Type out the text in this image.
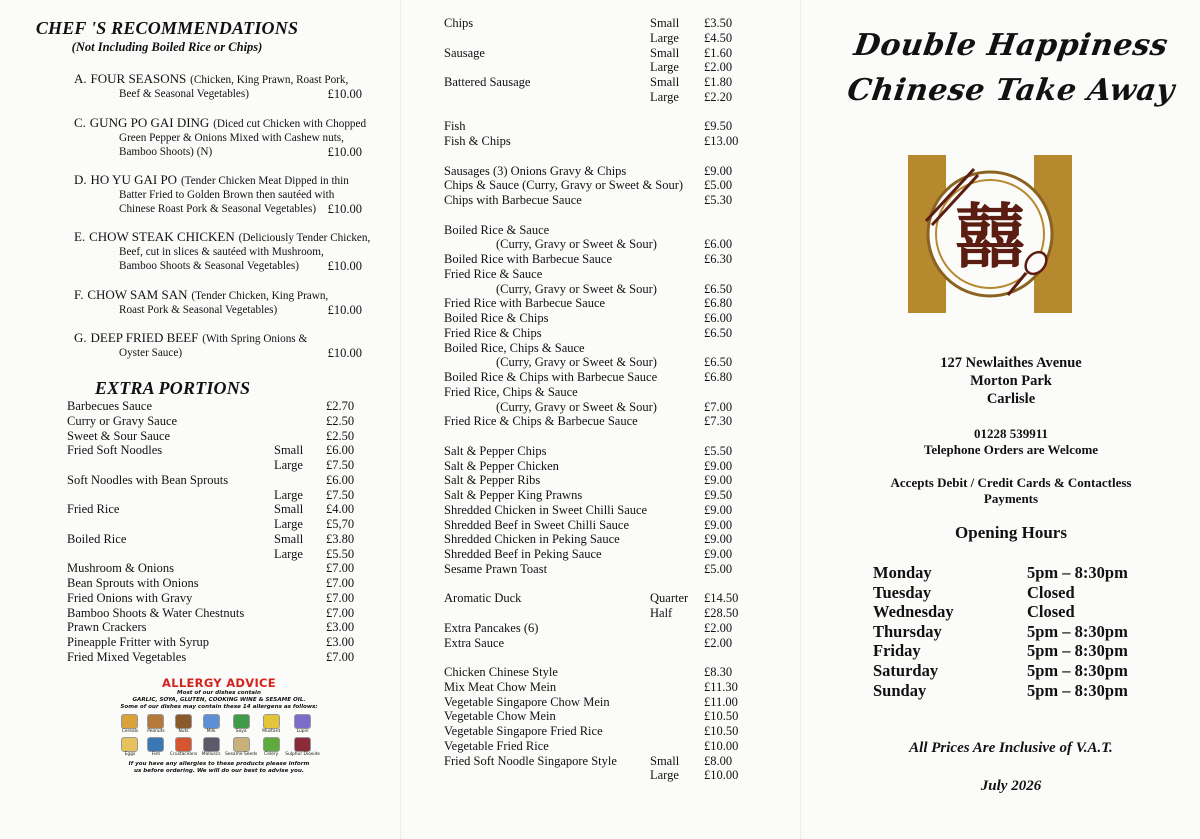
CHEF 'S RECOMMENDATIONS
(Not Including Boiled Rice or Chips)
A. FOUR SEASONS (Chicken, King Prawn, Roast Pork,
Beef & Seasonal Vegetables)	£10.00
C. GUNG PO GAI DING (Diced cut Chicken with Chopped
Green Pepper & Onions Mixed with Cashew nuts,
Bamboo Shoots) (N)	£10.00
D. HO YU GAI PO (Tender Chicken Meat Dipped in thin
Batter Fried to Golden Brown then sautéed with
Chinese Roast Pork & Seasonal Vegetables) £10.00
E. CHOW STEAK CHICKEN (Deliciously Tender Chicken,
Beef, cut in slices & sautéed with Mushroom,
Bamboo Shoots & Seasonal Vegetables)	£10.00
F. CHOW SAM SAN (Tender Chicken, King Prawn,
Roast Pork & Seasonal Vegetables)	£10.00
G. DEEP FRIED BEEF (With Spring Onions &
Oyster Sauce)	£10.00
EXTRA PORTIONS
Barbecues Sauce	£2.70
Curry or Gravy Sauce	£2.50
Sweet & Sour Sauce	£2.50
Fried Soft Noodles	Small	£6.00
Large	£7.50
Soft Noodles with Bean Sprouts	£6.00
Large	£7.50
Fried Rice	Small	£4.00
Large	£5,70
Boiled Rice	Small	£3.80
Large	£5.50
Mushroom & Onions	£7.00
Bean Sprouts with Onions	£7.00
Fried Onions with Gravy	£7.00
Bamboo Shoots & Water Chestnuts	£7.00
Prawn Crackers	£3.00
Pineapple Fritter with Syrup	£3.00
Fried Mixed Vegetables	£7.00
ALLERGY ADVICE
Most of our dishes contain
GARLIC, SOYA, GLUTEN, COOKING WINE & SESAME OIL.
Some of our dishes may contain these 14 allergens as follows:
Cereals Peanuts	Nuts	Milk	Soya	Mustard	Lupin
Eggs	Fish Crustaceans Molluscs Sesame Seeds Celery Sulphur Dioxide
If you have any allergies to these products please inform
us before ordering. We will do our best to advise you.
Chips	Small	£3.50
Large	£4.50
Sausage	Small	£1.60
Large	£2.00
Battered Sausage	Small	£1.80
Large	£2.20
Fish	£9.50
Fish & Chips	£13.00
Sausages (3) Onions Gravy & Chips	£9.00
Chips & Sauce (Curry, Gravy or Sweet & Sour) £5.00
Chips with Barbecue Sauce	£5.30
Boiled Rice & Sauce
(Curry, Gravy or Sweet & Sour)	£6.00
Boiled Rice with Barbecue Sauce	£6.30
Fried Rice & Sauce
(Curry, Gravy or Sweet & Sour)	£6.50
Fried Rice with Barbecue Sauce	£6.80
Boiled Rice & Chips	£6.00
Fried Rice & Chips	£6.50
Boiled Rice, Chips & Sauce
(Curry, Gravy or Sweet & Sour)	£6.50
Boiled Rice & Chips with Barbecue Sauce	£6.80
Fried Rice, Chips & Sauce
(Curry, Gravy or Sweet & Sour)	£7.00
Fried Rice & Chips & Barbecue Sauce	£7.30
Salt & Pepper Chips	£5.50
Salt & Pepper Chicken	£9.00
Salt & Pepper Ribs	£9.00
Salt & Pepper King Prawns	£9.50
Shredded Chicken in Sweet Chilli Sauce	£9.00
Shredded Beef in Sweet Chilli Sauce	£9.00
Shredded Chicken in Peking Sauce	£9.00
Shredded Beef in Peking Sauce	£9.00
Sesame Prawn Toast	£5.00
Aromatic Duck	Quarter	£14.50
Half	£28.50
Extra Pancakes (6)	£2.00
Extra Sauce	£2.00
Chicken Chinese Style	£8.30
Mix Meat Chow Mein	£11.30
Vegetable Singapore Chow Mein	£11.00
Vegetable Chow Mein	£10.50
Vegetable Singapore Fried Rice	£10.50
Vegetable Fried Rice	£10.00
Fried Soft Noodle Singapore Style	Small	£8.00
Large	£10.00
Double Happiness
Chinese Take Away
囍
127 Newlaithes Avenue
Morton Park
Carlisle
01228 539911
Telephone Orders are Welcome
Accepts Debit / Credit Cards & Contactless
Payments
Opening Hours
Monday	5pm – 8:30pm
Tuesday	Closed
Wednesday	Closed
Thursday	5pm – 8:30pm
Friday	5pm – 8:30pm
Saturday	5pm – 8:30pm
Sunday	5pm – 8:30pm
All Prices Are Inclusive of V.A.T.
July 2026
